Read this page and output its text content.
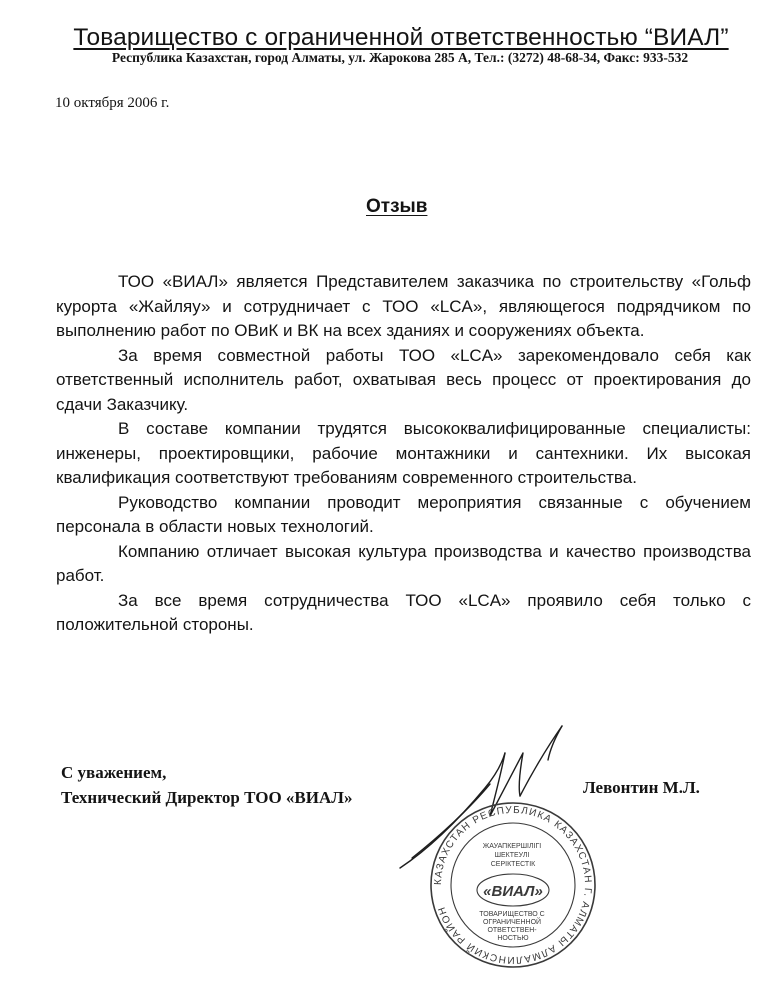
Товарищество с ограниченной ответственностью “ВИАЛ”
Республика Казахстан, город Алматы, ул. Жарокова 285 А, Тел.: (3272) 48-68-34, Факс: 933-532
10 октября 2006 г.
Отзыв

ТОО «ВИАЛ» является Представителем заказчика по строительству «Гольф курорта «Жайляу» и сотрудничает с ТОО «LCA», являющегося подрядчиком по выполнению работ по ОВиК и ВК на всех зданиях и сооружениях объекта.

За время совместной работы ТОО «LCA» зарекомендовало себя как ответственный исполнитель работ, охватывая весь процесс от проектирования до сдачи Заказчику.

В составе компании трудятся высококвалифицированные специалисты: инженеры, проектировщики, рабочие монтажники и сантехники. Их высокая квалификация соответствуют требованиям современного строительства.

Руководство компании проводит мероприятия связанные с обучением персонала в области новых технологий.

Компанию отличает высокая культура производства и качество производства работ.

За все время сотрудничества ТОО «LCA» проявило себя только с положительной стороны.

С уважением,
Технический Директор ТОО «ВИАЛ»
Левонтин М.Л.
КАЗАХСТАН РЕСПУБЛИКА КАЗАХСТАН Г. АЛМАТЫ АЛМАЛИНСКИЙ РАЙОН
ЖАУАПКЕРШІЛІГІ ШЕКТЕУЛІ СЕРІКТЕСТІК
«ВИАЛ»
ТОВАРИЩЕСТВО С ОГРАНИЧЕННОЙ ОТВЕТСТВЕН- НОСТЬЮ
